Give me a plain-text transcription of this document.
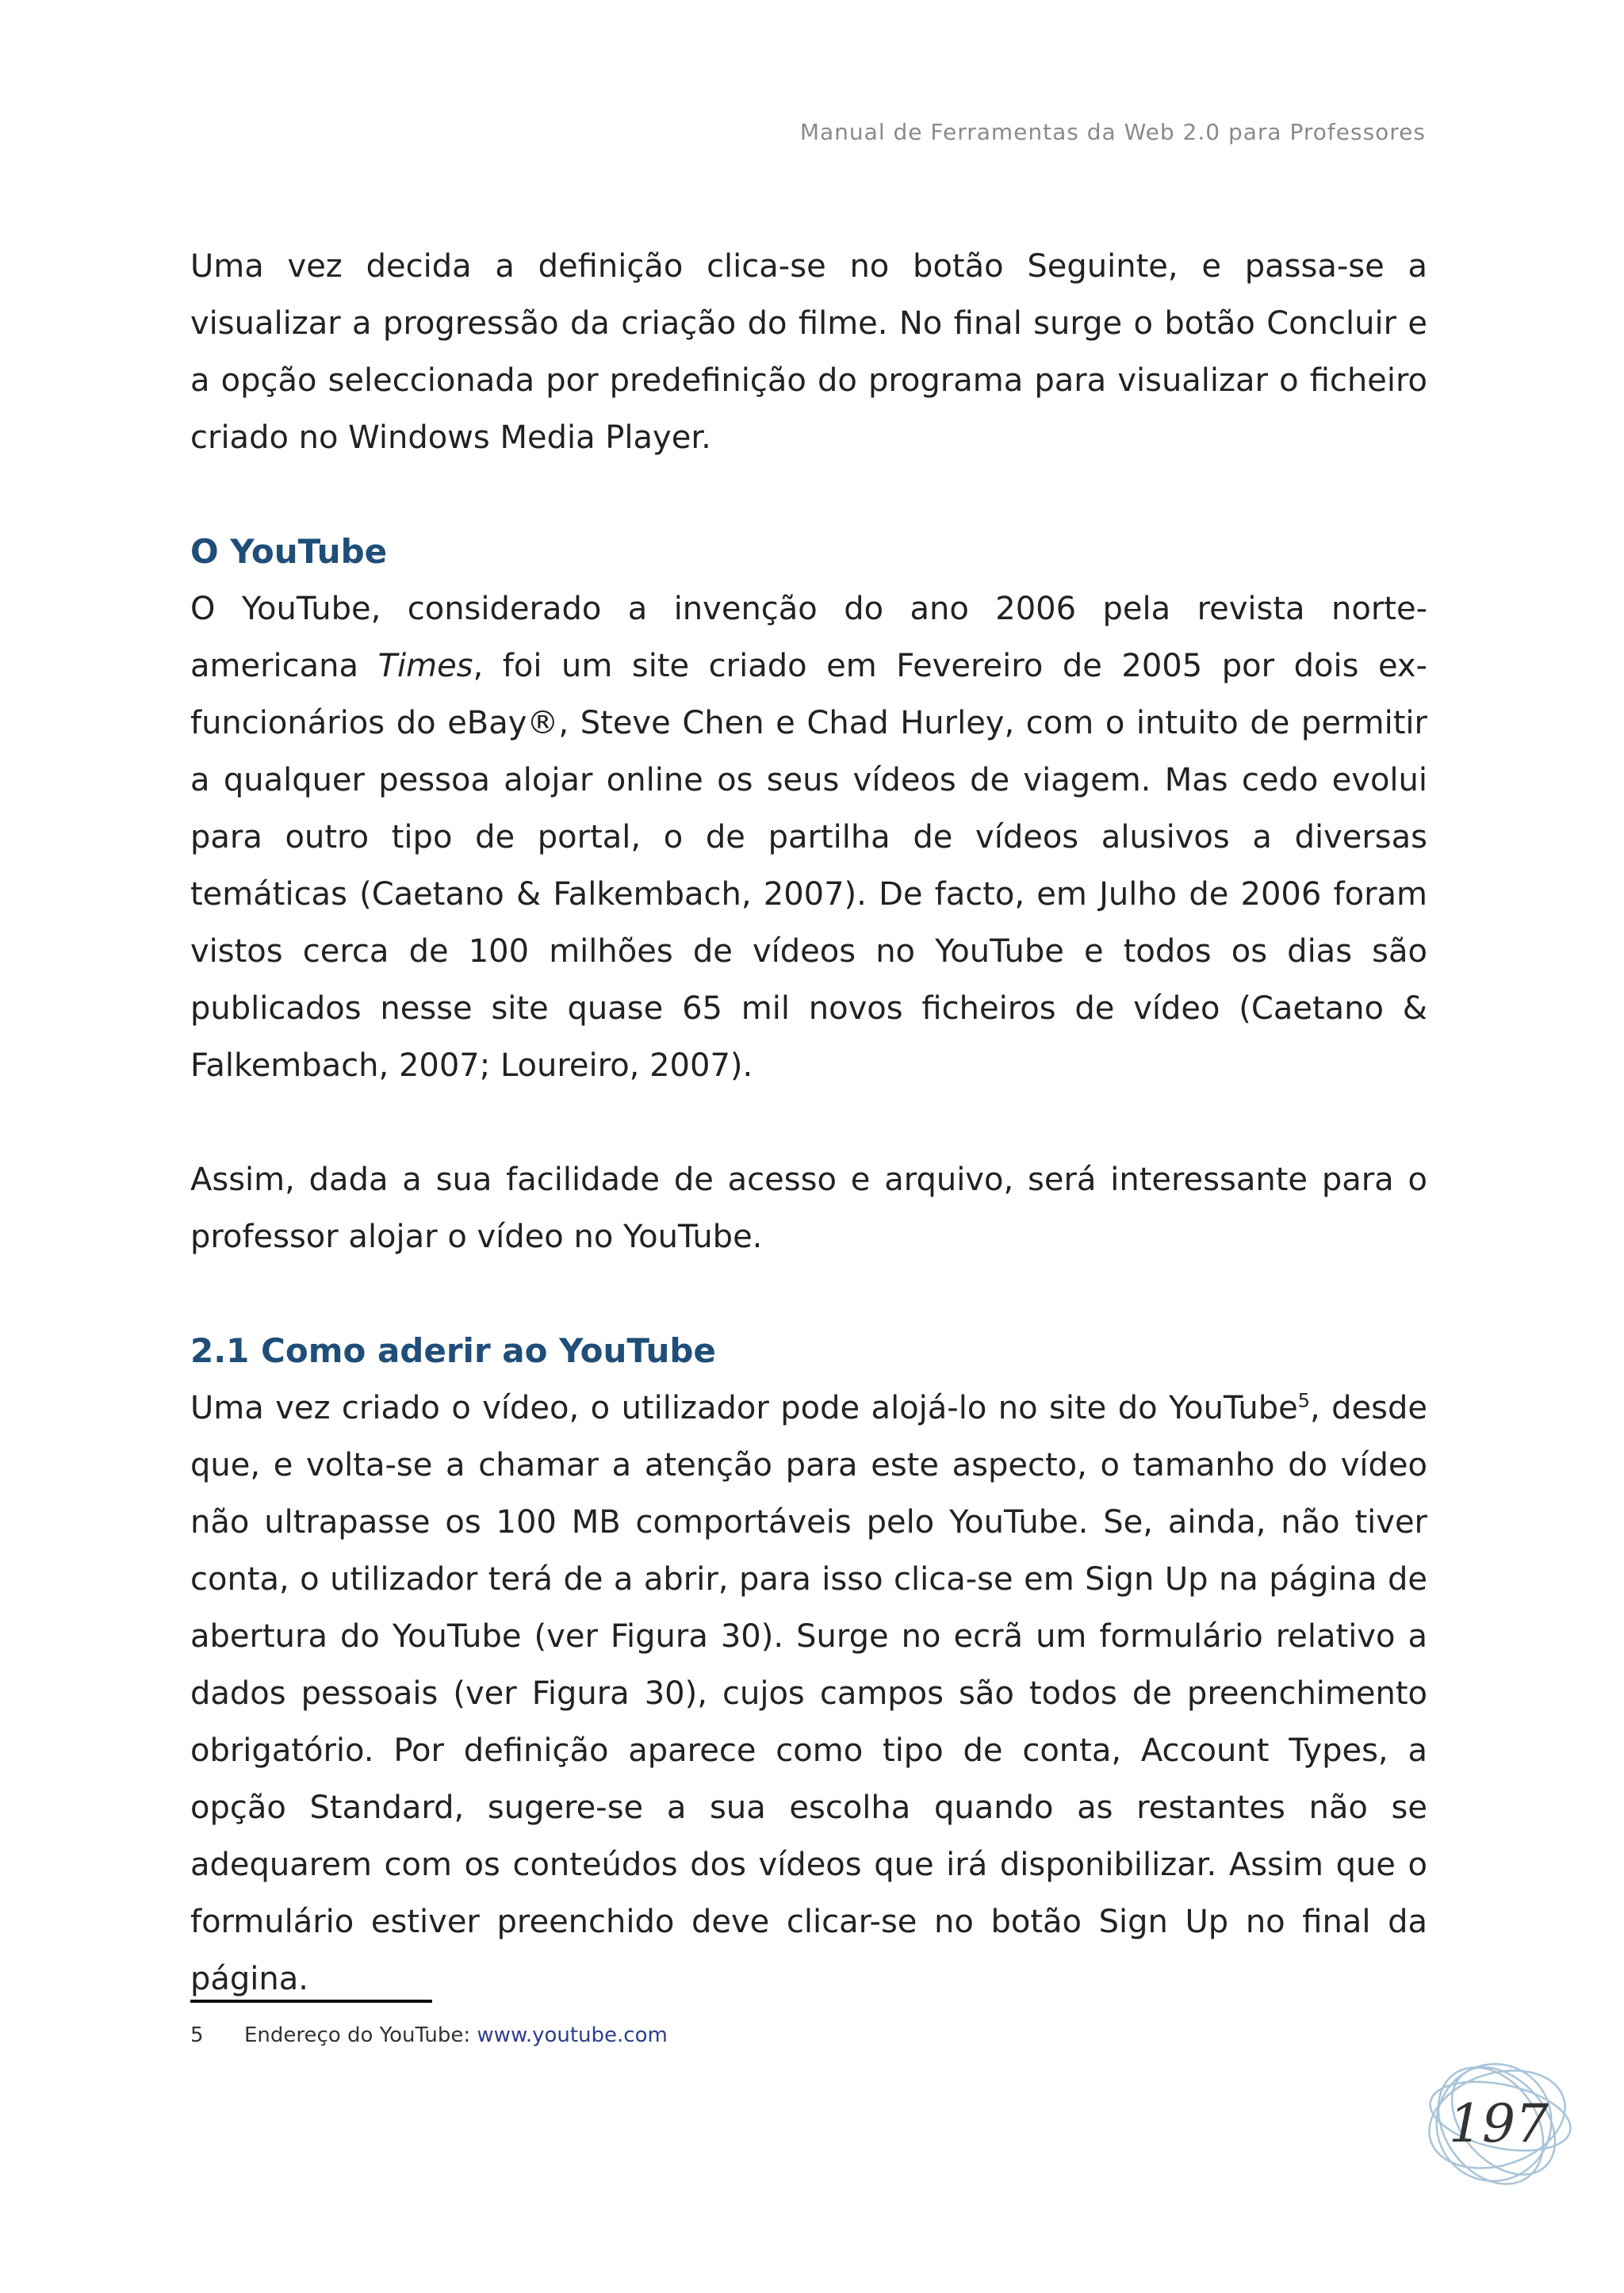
Manual de Ferramentas da Web 2.0 para Professores

Uma vez decida a definição clica-se no botão Seguinte, e passa-se a visualizar a progressão da criação do filme. No final surge o botão Concluir e a opção seleccionada por predefinição do programa para visualizar o ficheiro criado no Windows Media Player.

O YouTube

O YouTube, considerado a invenção do ano 2006 pela revista norte-americana Times, foi um site criado em Fevereiro de 2005 por dois ex-funcionários do eBay®, Steve Chen e Chad Hurley, com o intuito de permitir a qualquer pessoa alojar online os seus vídeos de viagem. Mas cedo evolui para outro tipo de portal, o de partilha de vídeos alusivos a diversas temáticas (Caetano & Falkembach, 2007). De facto, em Julho de 2006 foram vistos cerca de 100 milhões de vídeos no YouTube e todos os dias são publicados nesse site quase 65 mil novos ficheiros de vídeo (Caetano & Falkembach, 2007; Loureiro, 2007).

Assim, dada a sua facilidade de acesso e arquivo, será interessante para o professor alojar o vídeo no YouTube.

2.1 Como aderir ao YouTube

Uma vez criado o vídeo, o utilizador pode alojá-lo no site do YouTube$^5$, desde que, e volta-se a chamar a atenção para este aspecto, o tamanho do vídeo não ultrapasse os 100 MB comportáveis pelo YouTube. Se, ainda, não tiver conta, o utilizador terá de a abrir, para isso clica-se em Sign Up na página de abertura do YouTube (ver Figura 30). Surge no ecrã um formulário relativo a dados pessoais (ver Figura 30), cujos campos são todos de preenchimento obrigatório. Por definição aparece como tipo de conta, Account Types, a opção Standard, sugere-se a sua escolha quando as restantes não se adequarem com os conteúdos dos vídeos que irá disponibilizar. Assim que o formulário estiver preenchido deve clicar-se no botão Sign Up no final da página.

5 Endereço do YouTube: www.youtube.com
197
